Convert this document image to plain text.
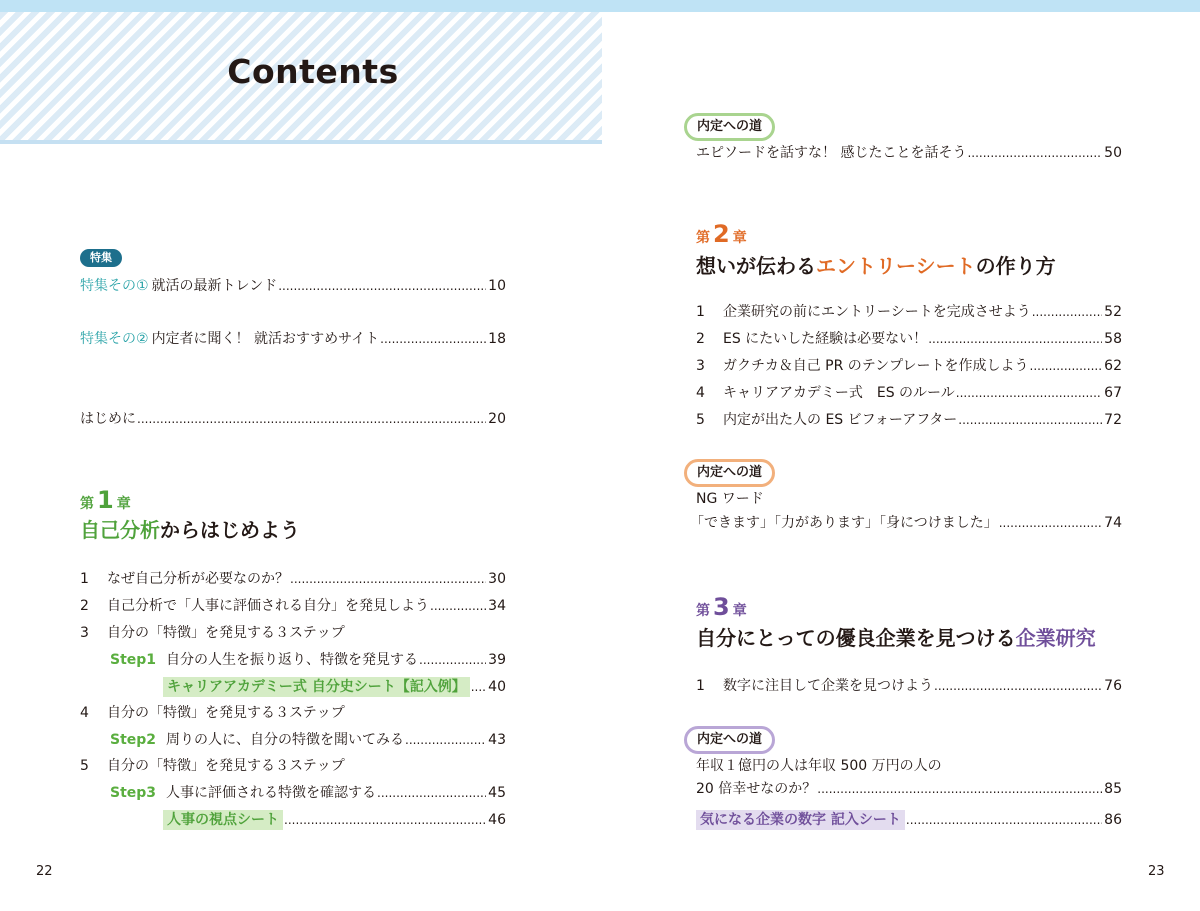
Contents
特集
特集その① 就活の最新トレンド .....	10
特集その② 内定者に聞く！ 就活おすすめサイト .....	18
はじめに .....	20
第 1 章
自己分析からはじめよう
1	なぜ自己分析が必要なのか？ .....	30
2	自己分析で「人事に評価される自分」を発見しよう .....	34
3	自分の「特徴」を発見する３ステップ
Step1 自分の人生を振り返り、特徴を発見する .....	39
キャリアアカデミー式 自分史シート【記入例】 ..... 40
4	自分の「特徴」を発見する３ステップ
Step2 周りの人に、自分の特徴を聞いてみる .....	43
5	自分の「特徴」を発見する３ステップ
Step3 人事に評価される特徴を確認する .....	45
人事の視点シート .....	46
22
内定への道
エピソードを話すな！ 感じたことを話そう .....	50
第 2 章
想いが伝わるエントリーシートの作り方
1	企業研究の前にエントリーシートを完成させよう .....	52
2	ES にたいした経験は必要ない！ .....	58
3	ガクチカ＆自己 PR のテンプレートを作成しよう .....	62
4	キャリアアカデミー式　ES のルール .....	67
5	内定が出た人の ES ビフォーアフター .....	72
内定への道
NG ワード
「できます」「力があります」「身につけました」 .....	74
第 3 章
自分にとっての優良企業を見つける企業研究
1	数字に注目して企業を見つけよう .....	76
内定への道
年収１億円の人は年収 500 万円の人の
20 倍幸せなのか？ .....	85
気になる企業の数字 記入シート .....	86
23
